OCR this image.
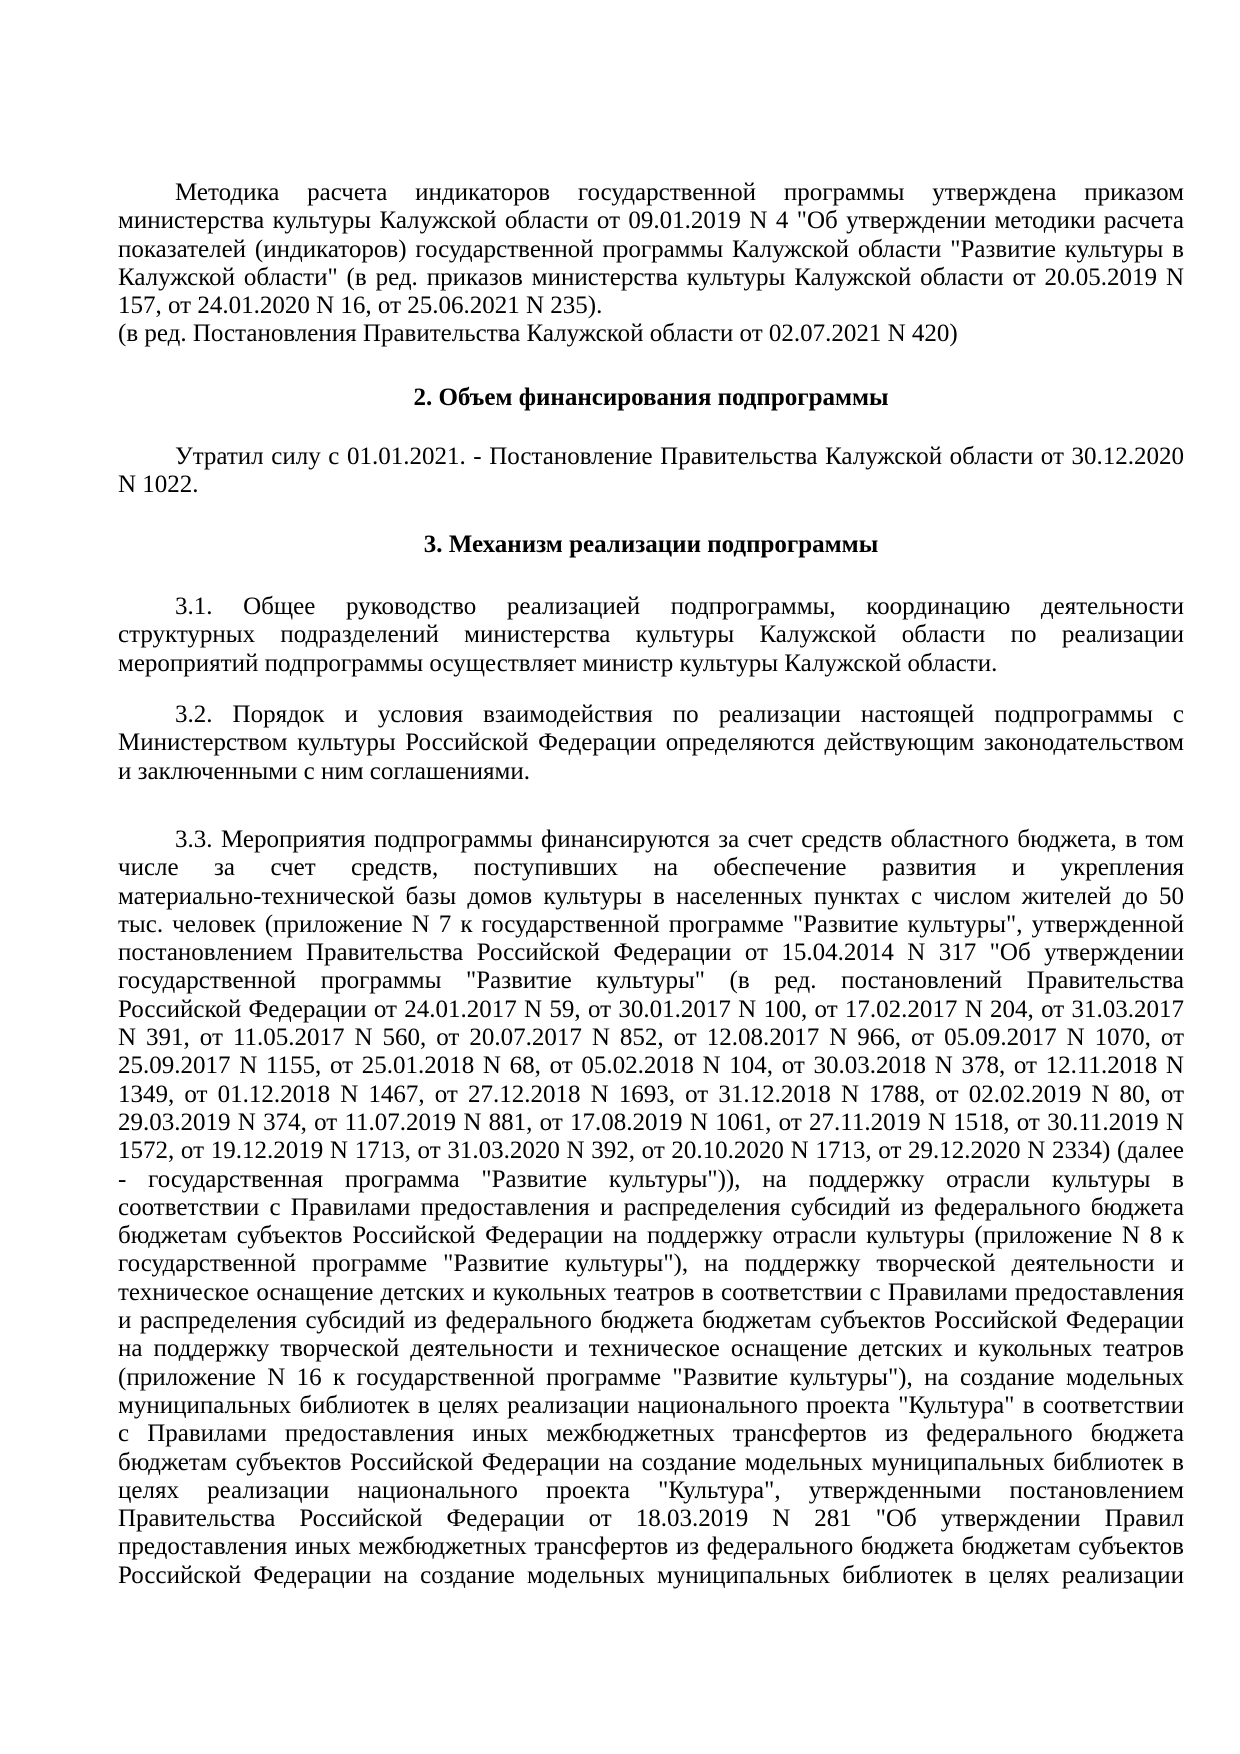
Методика расчета индикаторов государственной программы утверждена приказом
министерства культуры Калужской области от 09.01.2019 N 4 "Об утверждении методики расчета
показателей (индикаторов) государственной программы Калужской области "Развитие культуры в
Калужской области" (в ред. приказов министерства культуры Калужской области от 20.05.2019 N
157, от 24.01.2020 N 16, от 25.06.2021 N 235).
(в ред. Постановления Правительства Калужской области от 02.07.2021 N 420)
2. Объем финансирования подпрограммы
Утратил силу с 01.01.2021. - Постановление Правительства Калужской области от 30.12.2020
N 1022.
3. Механизм реализации подпрограммы
3.1. Общее руководство реализацией подпрограммы, координацию деятельности
структурных подразделений министерства культуры Калужской области по реализации
мероприятий подпрограммы осуществляет министр культуры Калужской области.
3.2. Порядок и условия взаимодействия по реализации настоящей подпрограммы с
Министерством культуры Российской Федерации определяются действующим законодательством
и заключенными с ним соглашениями.
3.3. Мероприятия подпрограммы финансируются за счет средств областного бюджета, в том
числе за счет средств, поступивших на обеспечение развития и укрепления
материально-технической базы домов культуры в населенных пунктах с числом жителей до 50
тыс. человек (приложение N 7 к государственной программе "Развитие культуры", утвержденной
постановлением Правительства Российской Федерации от 15.04.2014 N 317 "Об утверждении
государственной программы "Развитие культуры" (в ред. постановлений Правительства
Российской Федерации от 24.01.2017 N 59, от 30.01.2017 N 100, от 17.02.2017 N 204, от 31.03.2017
N 391, от 11.05.2017 N 560, от 20.07.2017 N 852, от 12.08.2017 N 966, от 05.09.2017 N 1070, от
25.09.2017 N 1155, от 25.01.2018 N 68, от 05.02.2018 N 104, от 30.03.2018 N 378, от 12.11.2018 N
1349, от 01.12.2018 N 1467, от 27.12.2018 N 1693, от 31.12.2018 N 1788, от 02.02.2019 N 80, от
29.03.2019 N 374, от 11.07.2019 N 881, от 17.08.2019 N 1061, от 27.11.2019 N 1518, от 30.11.2019 N
1572, от 19.12.2019 N 1713, от 31.03.2020 N 392, от 20.10.2020 N 1713, от 29.12.2020 N 2334) (далее
- государственная программа "Развитие культуры")), на поддержку отрасли культуры в
соответствии с Правилами предоставления и распределения субсидий из федерального бюджета
бюджетам субъектов Российской Федерации на поддержку отрасли культуры (приложение N 8 к
государственной программе "Развитие культуры"), на поддержку творческой деятельности и
техническое оснащение детских и кукольных театров в соответствии с Правилами предоставления
и распределения субсидий из федерального бюджета бюджетам субъектов Российской Федерации
на поддержку творческой деятельности и техническое оснащение детских и кукольных театров
(приложение N 16 к государственной программе "Развитие культуры"), на создание модельных
муниципальных библиотек в целях реализации национального проекта "Культура" в соответствии
с Правилами предоставления иных межбюджетных трансфертов из федерального бюджета
бюджетам субъектов Российской Федерации на создание модельных муниципальных библиотек в
целях реализации национального проекта "Культура", утвержденными постановлением
Правительства Российской Федерации от 18.03.2019 N 281 "Об утверждении Правил
предоставления иных межбюджетных трансфертов из федерального бюджета бюджетам субъектов
Российской Федерации на создание модельных муниципальных библиотек в целях реализации
